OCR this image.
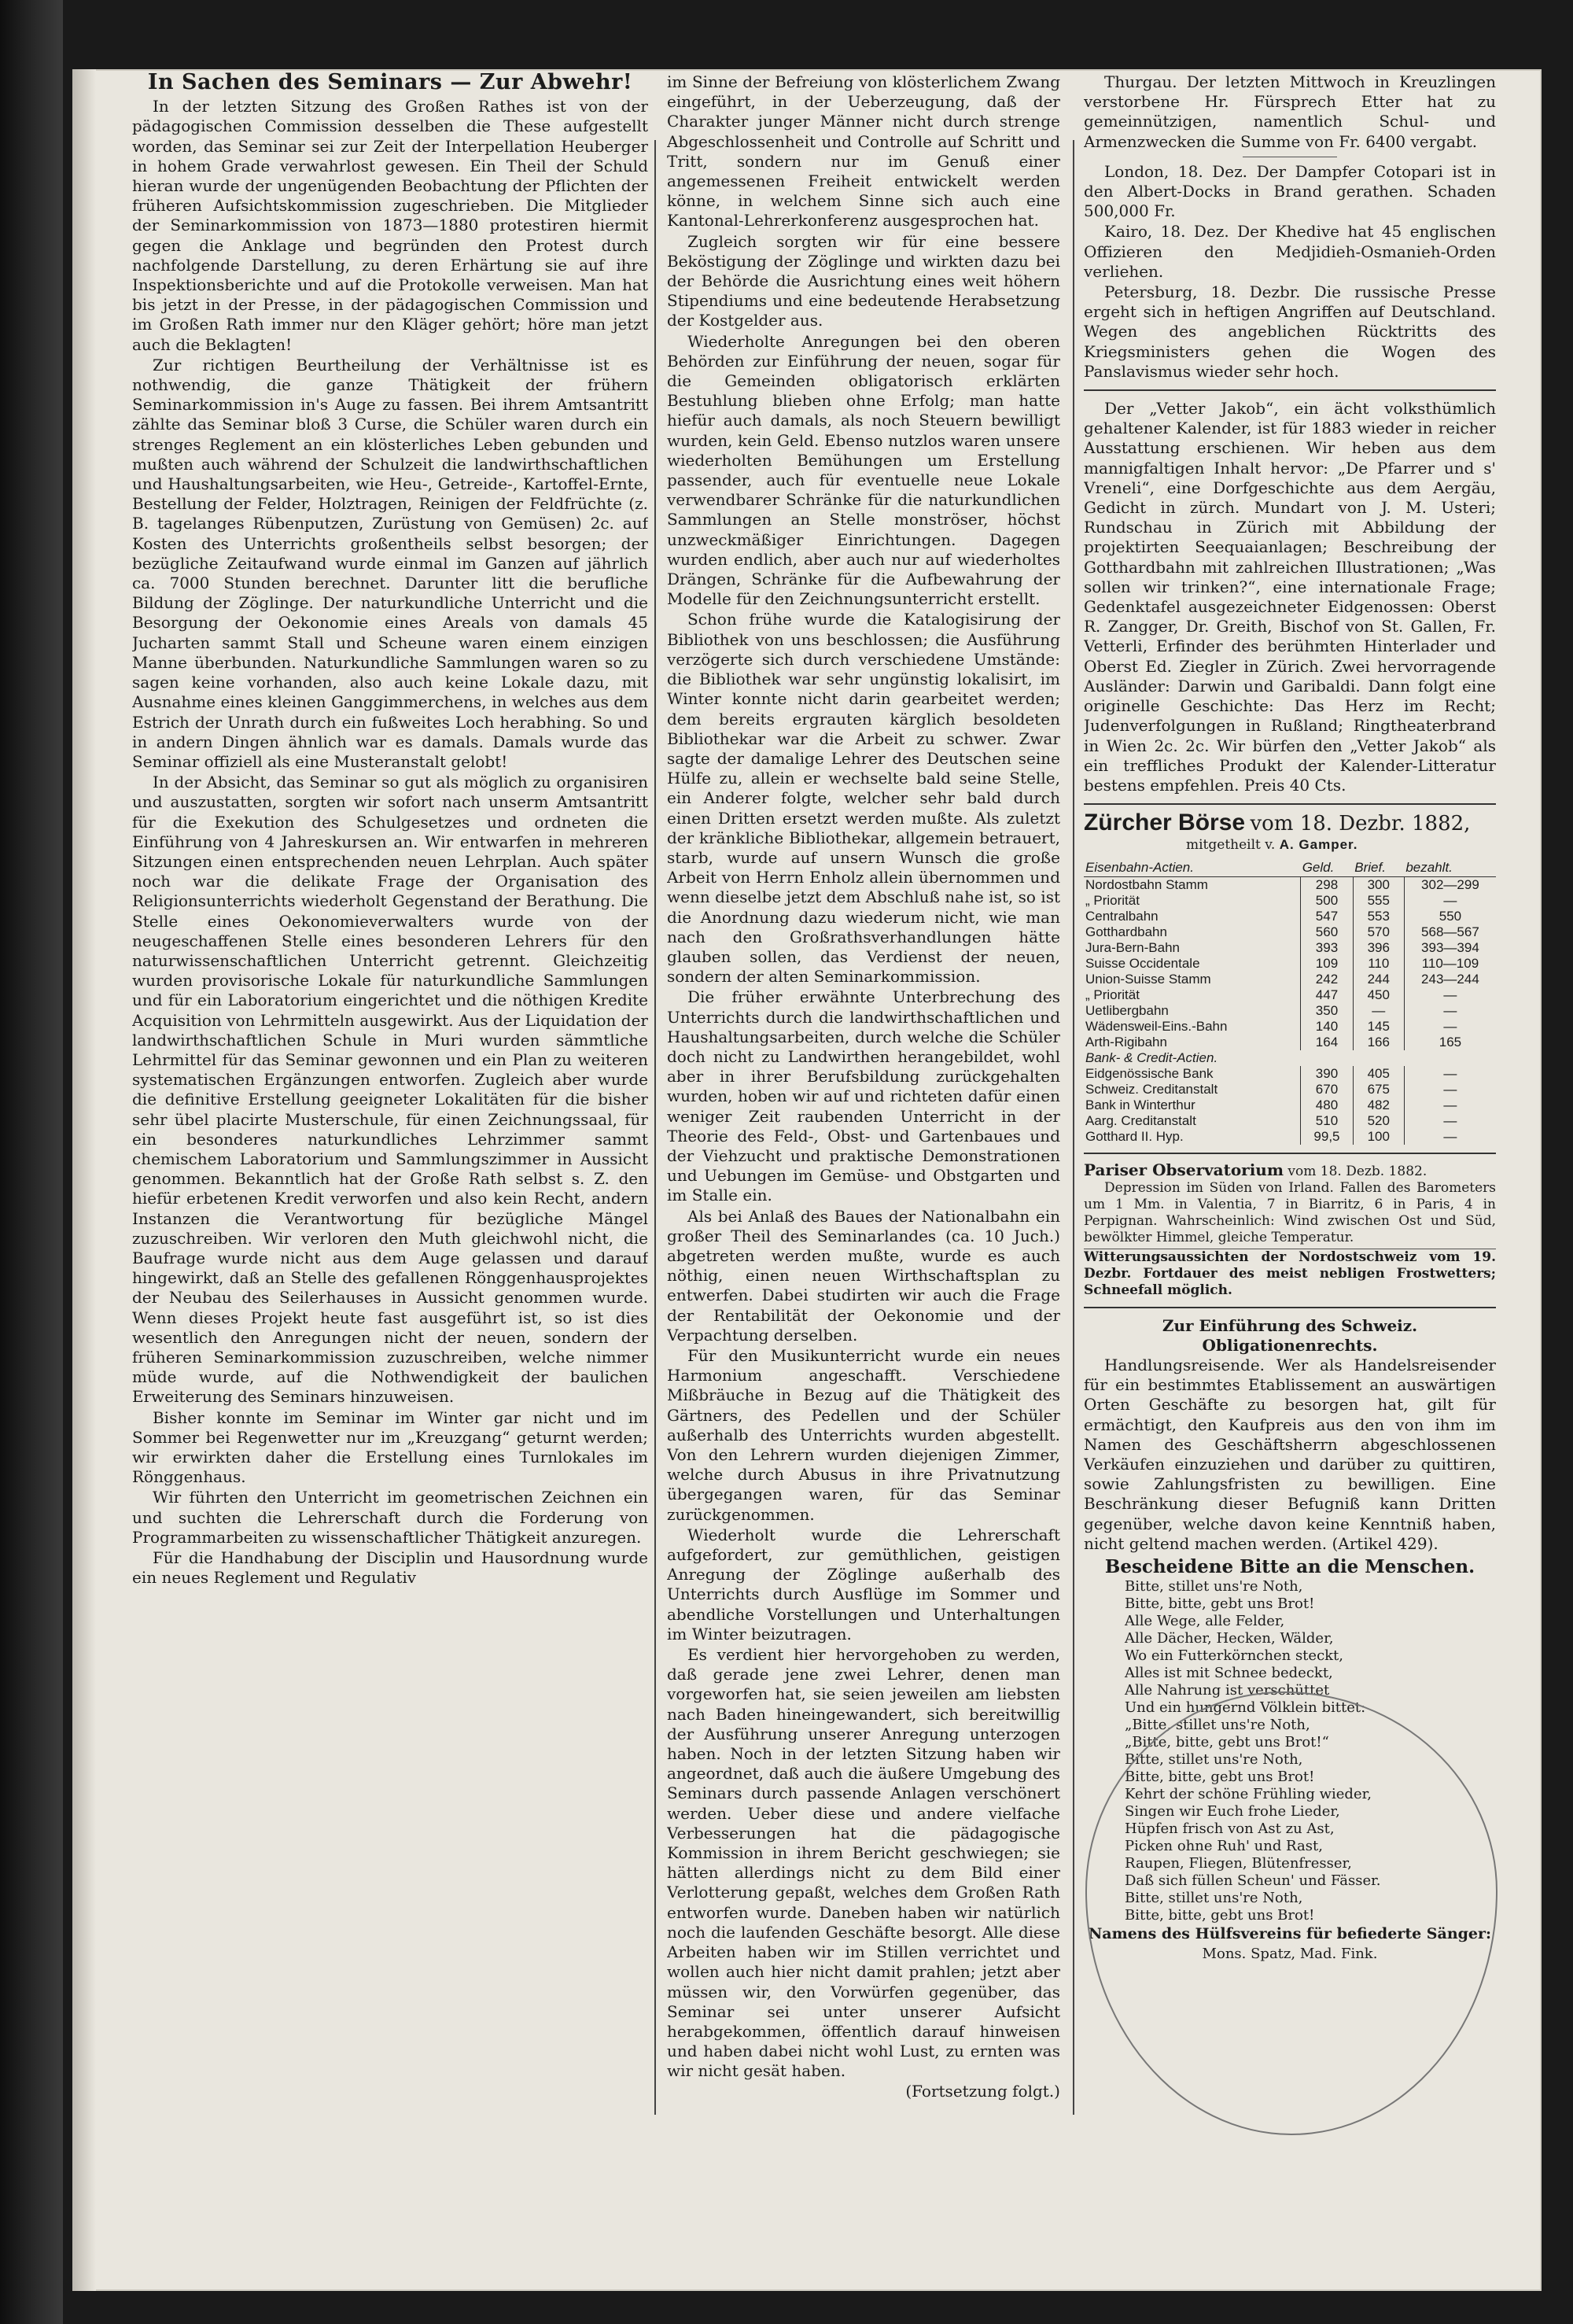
In Sachen des Seminars — Zur Abwehr!

In der letzten Sitzung des Großen Rathes ist von der pädagogischen Commission desselben die These aufgestellt worden, das Seminar sei zur Zeit der Interpellation Heuberger in hohem Grade verwahrlost gewesen. Ein Theil der Schuld hieran wurde der ungenügenden Beobachtung der Pflichten der früheren Aufsichtskommission zugeschrieben. Die Mitglieder der Seminarkommission von 1873—1880 protestiren hiermit gegen die Anklage und begründen den Protest durch nachfolgende Darstellung, zu deren Erhärtung sie auf ihre Inspektionsberichte und auf die Protokolle verweisen. Man hat bis jetzt in der Presse, in der pädagogischen Commission und im Großen Rath immer nur den Kläger gehört; höre man jetzt auch die Beklagten!

Zur richtigen Beurtheilung der Verhältnisse ist es nothwendig, die ganze Thätigkeit der frühern Seminarkommission in's Auge zu fassen. Bei ihrem Amtsantritt zählte das Seminar bloß 3 Curse, die Schüler waren durch ein strenges Reglement an ein klösterliches Leben gebunden und mußten auch während der Schulzeit die landwirthschaftlichen und Haushaltungsarbeiten, wie Heu-, Getreide-, Kartoffel-Ernte, Bestellung der Felder, Holztragen, Reinigen der Feldfrüchte (z. B. tagelanges Rübenputzen, Zurüstung von Gemüsen) 2c. auf Kosten des Unterrichts großentheils selbst besorgen; der bezügliche Zeitaufwand wurde einmal im Ganzen auf jährlich ca. 7000 Stunden berechnet. Darunter litt die berufliche Bildung der Zöglinge. Der naturkundliche Unterricht und die Besorgung der Oekonomie eines Areals von damals 45 Jucharten sammt Stall und Scheune waren einem einzigen Manne überbunden. Naturkundliche Sammlungen waren so zu sagen keine vorhanden, also auch keine Lokale dazu, mit Ausnahme eines kleinen Ganggimmerchens, in welches aus dem Estrich der Unrath durch ein fußweites Loch herabhing. So und in andern Dingen ähnlich war es damals. Damals wurde das Seminar offiziell als eine Musteranstalt gelobt!

In der Absicht, das Seminar so gut als möglich zu organisiren und auszustatten, sorgten wir sofort nach unserm Amtsantritt für die Exekution des Schulgesetzes und ordneten die Einführung von 4 Jahreskursen an. Wir entwarfen in mehreren Sitzungen einen entsprechenden neuen Lehrplan. Auch später noch war die delikate Frage der Organisation des Religionsunterrichts wiederholt Gegenstand der Berathung. Die Stelle eines Oekonomieverwalters wurde von der neugeschaffenen Stelle eines besonderen Lehrers für den naturwissenschaftlichen Unterricht getrennt. Gleichzeitig wurden provisorische Lokale für naturkundliche Sammlungen und für ein Laboratorium eingerichtet und die nöthigen Kredite Acquisition von Lehrmitteln ausgewirkt. Aus der Liquidation der landwirthschaftlichen Schule in Muri wurden sämmtliche Lehrmittel für das Seminar gewonnen und ein Plan zu weiteren systematischen Ergänzungen entworfen. Zugleich aber wurde die definitive Erstellung geeigneter Lokalitäten für die bisher sehr übel placirte Musterschule, für einen Zeichnungssaal, für ein besonderes naturkundliches Lehrzimmer sammt chemischem Laboratorium und Sammlungszimmer in Aussicht genommen. Bekanntlich hat der Große Rath selbst s. Z. den hiefür erbetenen Kredit verworfen und also kein Recht, andern Instanzen die Verantwortung für bezügliche Mängel zuzuschreiben. Wir verloren den Muth gleichwohl nicht, die Baufrage wurde nicht aus dem Auge gelassen und darauf hingewirkt, daß an Stelle des gefallenen Rönggenhausprojektes der Neubau des Seilerhauses in Aussicht genommen wurde. Wenn dieses Projekt heute fast ausgeführt ist, so ist dies wesentlich den Anregungen nicht der neuen, sondern der früheren Seminarkommission zuzuschreiben, welche nimmer müde wurde, auf die Nothwendigkeit der baulichen Erweiterung des Seminars hinzuweisen.

Bisher konnte im Seminar im Winter gar nicht und im Sommer bei Regenwetter nur im „Kreuzgang“ geturnt werden; wir erwirkten daher die Erstellung eines Turnlokales im Rönggenhaus.

Wir führten den Unterricht im geometrischen Zeichnen ein und suchten die Lehrerschaft durch die Forderung von Programmarbeiten zu wissenschaftlicher Thätigkeit anzuregen.

Für die Handhabung der Disciplin und Hausordnung wurde ein neues Reglement und Regulativ

im Sinne der Befreiung von klösterlichem Zwang eingeführt, in der Ueberzeugung, daß der Charakter junger Männer nicht durch strenge Abgeschlossenheit und Controlle auf Schritt und Tritt, sondern nur im Genuß einer angemessenen Freiheit entwickelt werden könne, in welchem Sinne sich auch eine Kantonal-Lehrerkonferenz ausgesprochen hat.

Zugleich sorgten wir für eine bessere Beköstigung der Zöglinge und wirkten dazu bei der Behörde die Ausrichtung eines weit höhern Stipendiums und eine bedeutende Herabsetzung der Kostgelder aus.

Wiederholte Anregungen bei den oberen Behörden zur Einführung der neuen, sogar für die Gemeinden obligatorisch erklärten Bestuhlung blieben ohne Erfolg; man hatte hiefür auch damals, als noch Steuern bewilligt wurden, kein Geld. Ebenso nutzlos waren unsere wiederholten Bemühungen um Erstellung passender, auch für eventuelle neue Lokale verwendbarer Schränke für die naturkundlichen Sammlungen an Stelle monströser, höchst unzweckmäßiger Einrichtungen. Dagegen wurden endlich, aber auch nur auf wiederholtes Drängen, Schränke für die Aufbewahrung der Modelle für den Zeichnungsunterricht erstellt.

Schon frühe wurde die Katalogisirung der Bibliothek von uns beschlossen; die Ausführung verzögerte sich durch verschiedene Umstände: die Bibliothek war sehr ungünstig lokalisirt, im Winter konnte nicht darin gearbeitet werden; dem bereits ergrauten kärglich besoldeten Bibliothekar war die Arbeit zu schwer. Zwar sagte der damalige Lehrer des Deutschen seine Hülfe zu, allein er wechselte bald seine Stelle, ein Anderer folgte, welcher sehr bald durch einen Dritten ersetzt werden mußte. Als zuletzt der kränkliche Bibliothekar, allgemein betrauert, starb, wurde auf unsern Wunsch die große Arbeit von Herrn Enholz allein übernommen und wenn dieselbe jetzt dem Abschluß nahe ist, so ist die Anordnung dazu wiederum nicht, wie man nach den Großrathsverhandlungen hätte glauben sollen, das Verdienst der neuen, sondern der alten Seminarkommission.

Die früher erwähnte Unterbrechung des Unterrichts durch die landwirthschaftlichen und Haushaltungsarbeiten, durch welche die Schüler doch nicht zu Landwirthen herangebildet, wohl aber in ihrer Berufsbildung zurückgehalten wurden, hoben wir auf und richteten dafür einen weniger Zeit raubenden Unterricht in der Theorie des Feld-, Obst- und Gartenbaues und der Viehzucht und praktische Demonstrationen und Uebungen im Gemüse- und Obstgarten und im Stalle ein.

Als bei Anlaß des Baues der Nationalbahn ein großer Theil des Seminarlandes (ca. 10 Juch.) abgetreten werden mußte, wurde es auch nöthig, einen neuen Wirthschaftsplan zu entwerfen. Dabei studirten wir auch die Frage der Rentabilität der Oekonomie und der Verpachtung derselben.

Für den Musikunterricht wurde ein neues Harmonium angeschafft. Verschiedene Mißbräuche in Bezug auf die Thätigkeit des Gärtners, des Pedellen und der Schüler außerhalb des Unterrichts wurden abgestellt. Von den Lehrern wurden diejenigen Zimmer, welche durch Abusus in ihre Privatnutzung übergegangen waren, für das Seminar zurückgenommen.

Wiederholt wurde die Lehrerschaft aufgefordert, zur gemüthlichen, geistigen Anregung der Zöglinge außerhalb des Unterrichts durch Ausflüge im Sommer und abendliche Vorstellungen und Unterhaltungen im Winter beizutragen.

Es verdient hier hervorgehoben zu werden, daß gerade jene zwei Lehrer, denen man vorgeworfen hat, sie seien jeweilen am liebsten nach Baden hineingewandert, sich bereitwillig der Ausführung unserer Anregung unterzogen haben. Noch in der letzten Sitzung haben wir angeordnet, daß auch die äußere Umgebung des Seminars durch passende Anlagen verschönert werden. Ueber diese und andere vielfache Verbesserungen hat die pädagogische Kommission in ihrem Bericht geschwiegen; sie hätten allerdings nicht zu dem Bild einer Verlotterung gepaßt, welches dem Großen Rath entworfen wurde. Daneben haben wir natürlich noch die laufenden Geschäfte besorgt. Alle diese Arbeiten haben wir im Stillen verrichtet und wollen auch hier nicht damit prahlen; jetzt aber müssen wir, den Vorwürfen gegenüber, das Seminar sei unter unserer Aufsicht herabgekommen, öffentlich darauf hinweisen und haben dabei nicht wohl Lust, zu ernten was wir nicht gesät haben.

(Fortsetzung folgt.)

Thurgau. Der letzten Mittwoch in Kreuzlingen verstorbene Hr. Fürsprech Etter hat zu gemeinnützigen, namentlich Schul- und Armenzwecken die Summe von Fr. 6400 vergabt.

London, 18. Dez. Der Dampfer Cotopari ist in den Albert-Docks in Brand gerathen. Schaden 500,000 Fr.

Kairo, 18. Dez. Der Khedive hat 45 englischen Offizieren den Medjidieh-Osmanieh-Orden verliehen.

Petersburg, 18. Dezbr. Die russische Presse ergeht sich in heftigen Angriffen auf Deutschland. Wegen des angeblichen Rücktritts des Kriegsministers gehen die Wogen des Panslavismus wieder sehr hoch.

Der „Vetter Jakob“, ein ächt volksthümlich gehaltener Kalender, ist für 1883 wieder in reicher Ausstattung erschienen. Wir heben aus dem mannigfaltigen Inhalt hervor: „De Pfarrer und s' Vreneli“, eine Dorfgeschichte aus dem Aergäu, Gedicht in zürch. Mundart von J. M. Usteri; Rundschau in Zürich mit Abbildung der projektirten Seequaianlagen; Beschreibung der Gotthardbahn mit zahlreichen Illustrationen; „Was sollen wir trinken?“, eine internationale Frage; Gedenktafel ausgezeichneter Eidgenossen: Oberst R. Zangger, Dr. Greith, Bischof von St. Gallen, Fr. Vetterli, Erfinder des berühmten Hinterlader und Oberst Ed. Ziegler in Zürich. Zwei hervorragende Ausländer: Darwin und Garibaldi. Dann folgt eine originelle Geschichte: Das Herz im Recht; Judenverfolgungen in Rußland; Ringtheaterbrand in Wien 2c. 2c. Wir bürfen den „Vetter Jakob“ als ein treffliches Produkt der Kalender-Litteratur bestens empfehlen. Preis 40 Cts.

Zürcher Börse vom 18. Dezbr. 1882,
mitgetheilt v. A. Gamper.
Eisenbahn-Actien.	Geld.	Brief.	bezahlt.
Nordostbahn Stamm	298	300	302—299
„ Priorität	500	555	—
Centralbahn	547	553	550
Gotthardbahn	560	570	568—567
Jura-Bern-Bahn	393	396	393—394
Suisse Occidentale	109	110	110—109
Union-Suisse Stamm	242	244	243—244
„ Priorität	447	450	—
Uetlibergbahn	350	—	—
Wädensweil-Eins.-Bahn	140	145	—
Arth-Rigibahn	164	166	165
Bank- & Credit-Actien.			
Eidgenössische Bank	390	405	—
Schweiz. Creditanstalt	670	675	—
Bank in Winterthur	480	482	—
Aarg. Creditanstalt	510	520	—
Gotthard II. Hyp.	99,5	100	—
Pariser Observatorium vom 18. Dezb. 1882.
Depression im Süden von Irland. Fallen des Barometers um 1 Mm. in Valentia, 7 in Biarritz, 6 in Paris, 4 in Perpignan. Wahrscheinlich: Wind zwischen Ost und Süd, bewölkter Himmel, gleiche Temperatur.
Witterungsaussichten der Nordostschweiz vom 19. Dezbr. Fortdauer des meist nebligen Frostwetters; Schneefall möglich.
Zur Einführung des Schweiz. Obligationenrechts.

Handlungsreisende. Wer als Handelsreisender für ein bestimmtes Etablissement an auswärtigen Orten Geschäfte zu besorgen hat, gilt für ermächtigt, den Kaufpreis aus den von ihm im Namen des Geschäftsherrn abgeschlossenen Verkäufen einzuziehen und darüber zu quittiren, sowie Zahlungsfristen zu bewilligen. Eine Beschränkung dieser Befugniß kann Dritten gegenüber, welche davon keine Kenntniß haben, nicht geltend machen werden. (Artikel 429).

Bescheidene Bitte an die Menschen.
Bitte, stillet uns're Noth,
Bitte, bitte, gebt uns Brot!
Alle Wege, alle Felder,
Alle Dächer, Hecken, Wälder,
Wo ein Futterkörnchen steckt,
Alles ist mit Schnee bedeckt,
Alle Nahrung ist verschüttet
Und ein hungernd Völklein bittet:
„Bitte, stillet uns're Noth,
„Bitte, bitte, gebt uns Brot!“
Bitte, stillet uns're Noth,
Bitte, bitte, gebt uns Brot!
Kehrt der schöne Frühling wieder,
Singen wir Euch frohe Lieder,
Hüpfen frisch von Ast zu Ast,
Picken ohne Ruh' und Rast,
Raupen, Fliegen, Blütenfresser,
Daß sich füllen Scheun' und Fässer.
Bitte, stillet uns're Noth,
Bitte, bitte, gebt uns Brot!
Namens des Hülfsvereins für befiederte Sänger:
Mons. Spatz, Mad. Fink.
